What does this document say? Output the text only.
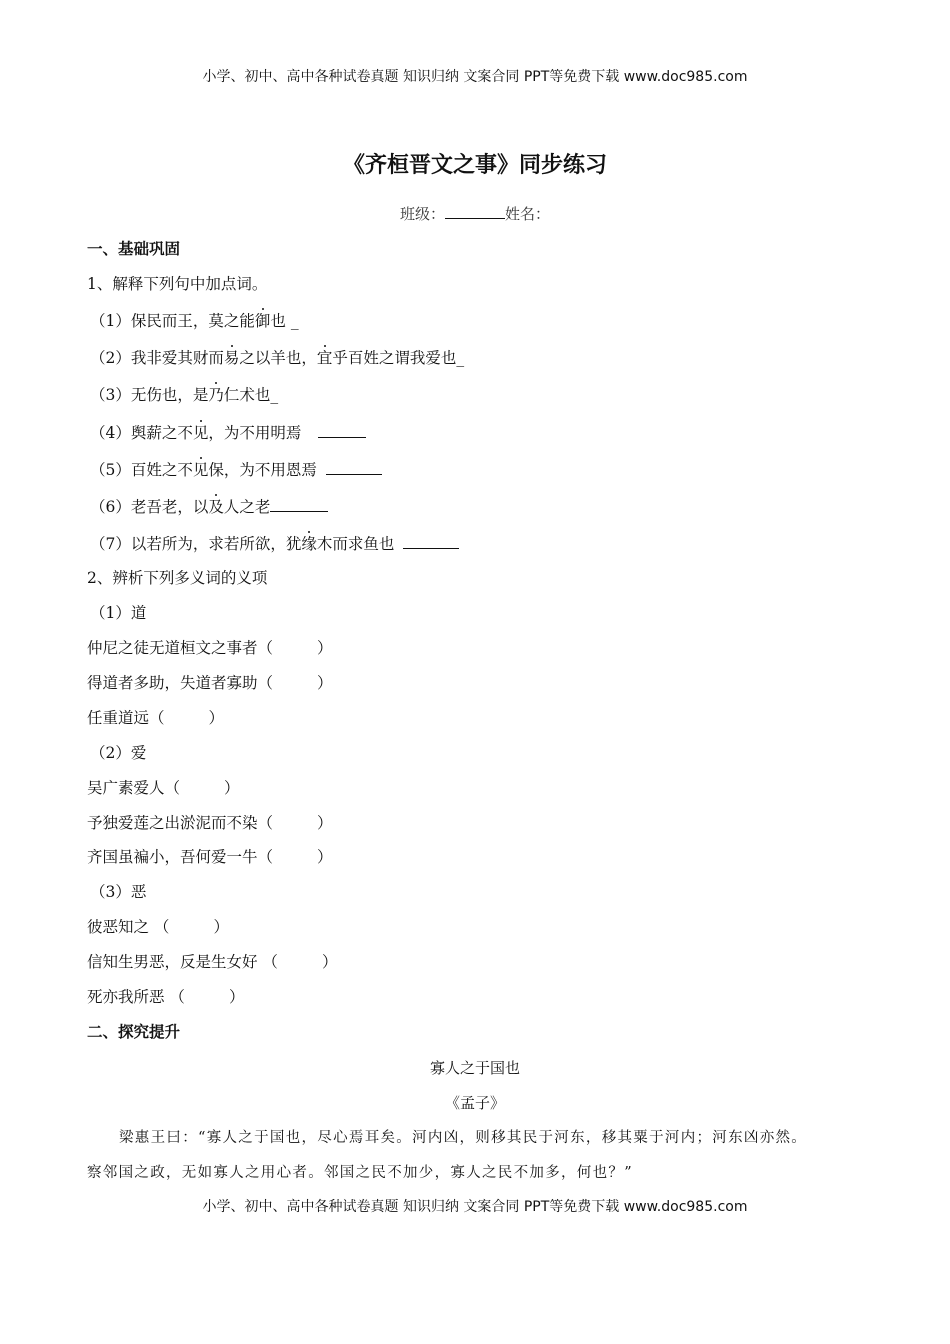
小学、初中、高中各种试卷真题 知识归纳 文案合同 PPT等免费下载 www.doc985.com
《齐桓晋文之事》同步练习
班级：	姓名：
一、基础巩固
1、解释下列句中加点词。
（1）保民而王，莫之能御也 _
（2）我非爱其财而易之以羊也，宜乎百姓之谓我爱也_
（3）无伤也，是乃仁术也_
（4）舆薪之不见，为不用明焉
（5）百姓之不见保，为不用恩焉
（6）老吾老，以及人之老
（7）以若所为，求若所欲，犹缘木而求鱼也
2、辨析下列多义词的义项
（1）道
仲尼之徒无道桓文之事者（	）
得道者多助，失道者寡助（	）
任重道远（	）
（2）爱
吴广素爱人（	）
予独爱莲之出淤泥而不染（	）
齐国虽褊小，吾何爱一牛（	）
（3）恶
彼恶知之 （	）
信知生男恶，反是生女好 （	）
死亦我所恶 （	）
二、探究提升
寡人之于国也
《孟子》
梁惠王曰：“寡人之于国也，尽心焉耳矣。河内凶，则移其民于河东，移其粟于河内；河东凶亦然。
察邻国之政，无如寡人之用心者。邻国之民不加少，寡人之民不加多，何也？”
小学、初中、高中各种试卷真题 知识归纳 文案合同 PPT等免费下载 www.doc985.com
